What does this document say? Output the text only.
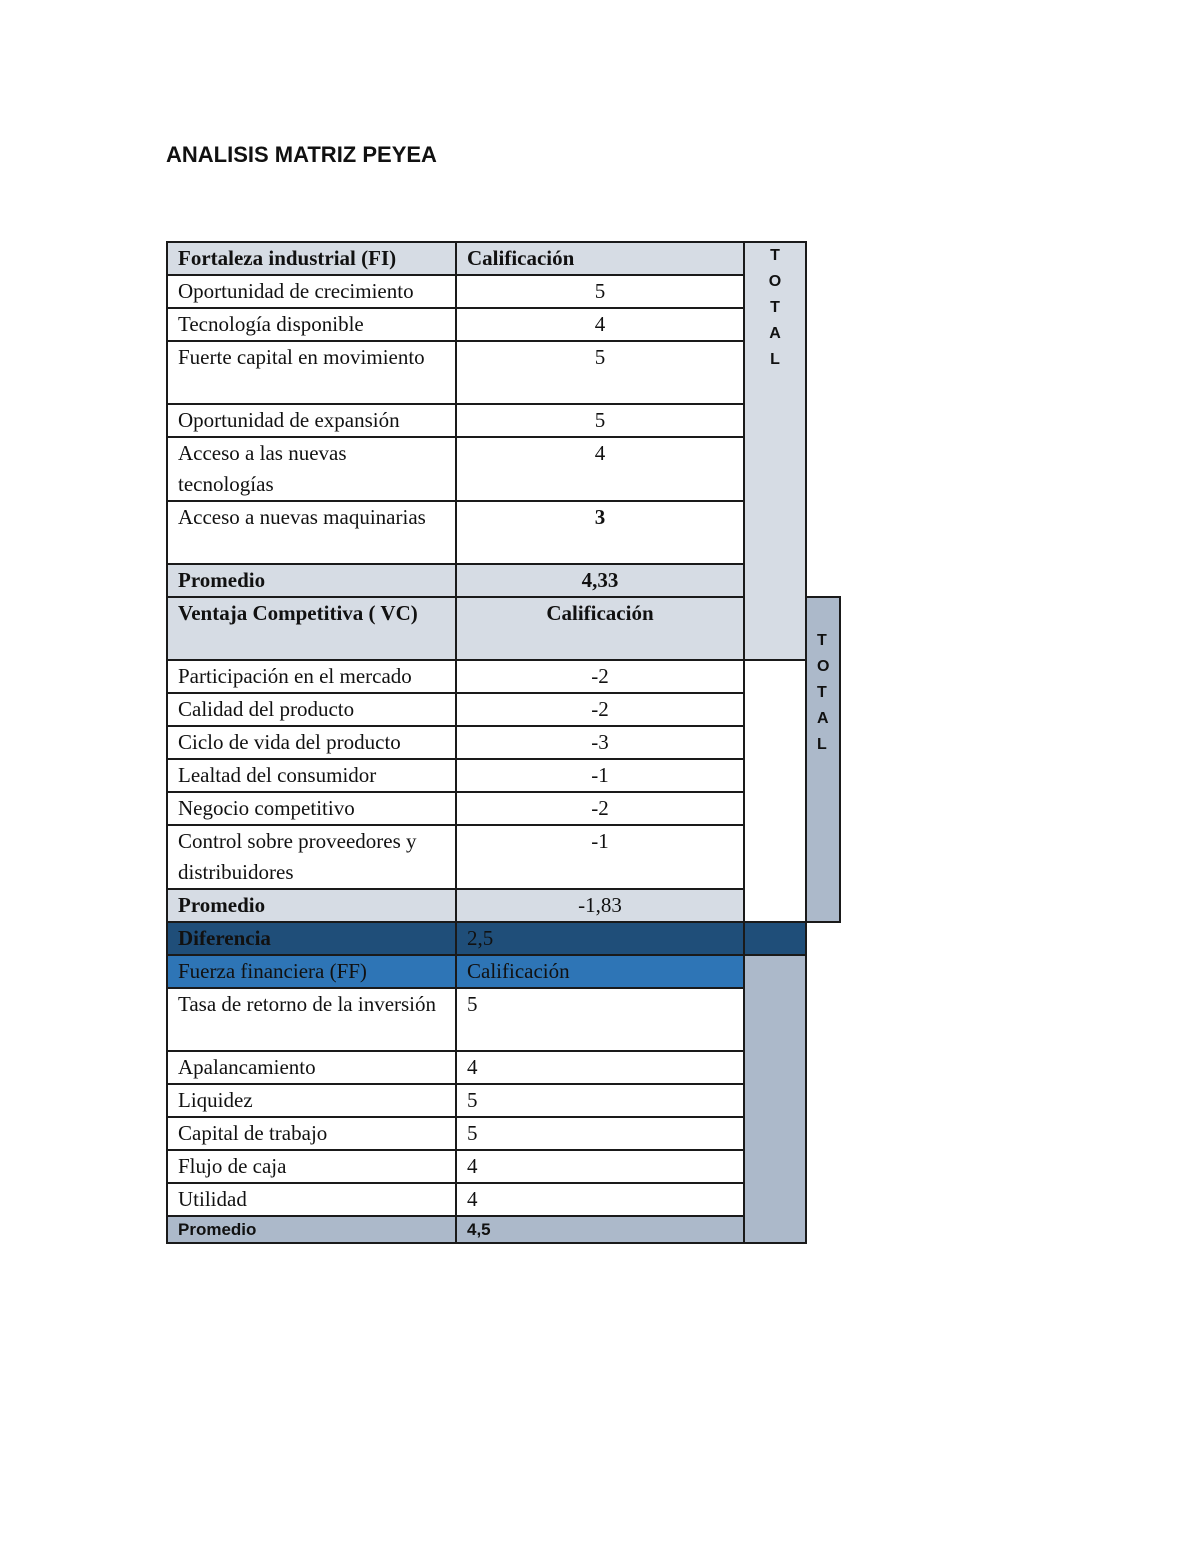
ANALISIS MATRIZ PEYEA
Fortaleza industrial (FI)	Calificación	T
O
T
A
L	

Oportunidad de crecimiento	5		
Tecnología disponible	4		
Fuerte capital en movimiento	5		
Oportunidad de expansión	5		
Acceso a las nuevas tecnologías	4		
Acceso a nuevas maquinarias	3		
Promedio	4,33		
Ventaja Competitiva ( VC)	Calificación		T
O
T
A
L

Participación en el mercado	-2		
Calidad del producto	-2		
Ciclo de vida del producto	-3		
Lealtad del consumidor	-1		
Negocio competitivo	-2		
Control sobre proveedores y distribuidores	-1		
Promedio	-1,83		
Diferencia	2,5		
Fuerza financiera (FF)	Calificación		
Tasa de retorno de la inversión	5		
Apalancamiento	4		
Liquidez	5		
Capital de trabajo	5		
Flujo de caja	4		
Utilidad	4		
Promedio	4,5		
